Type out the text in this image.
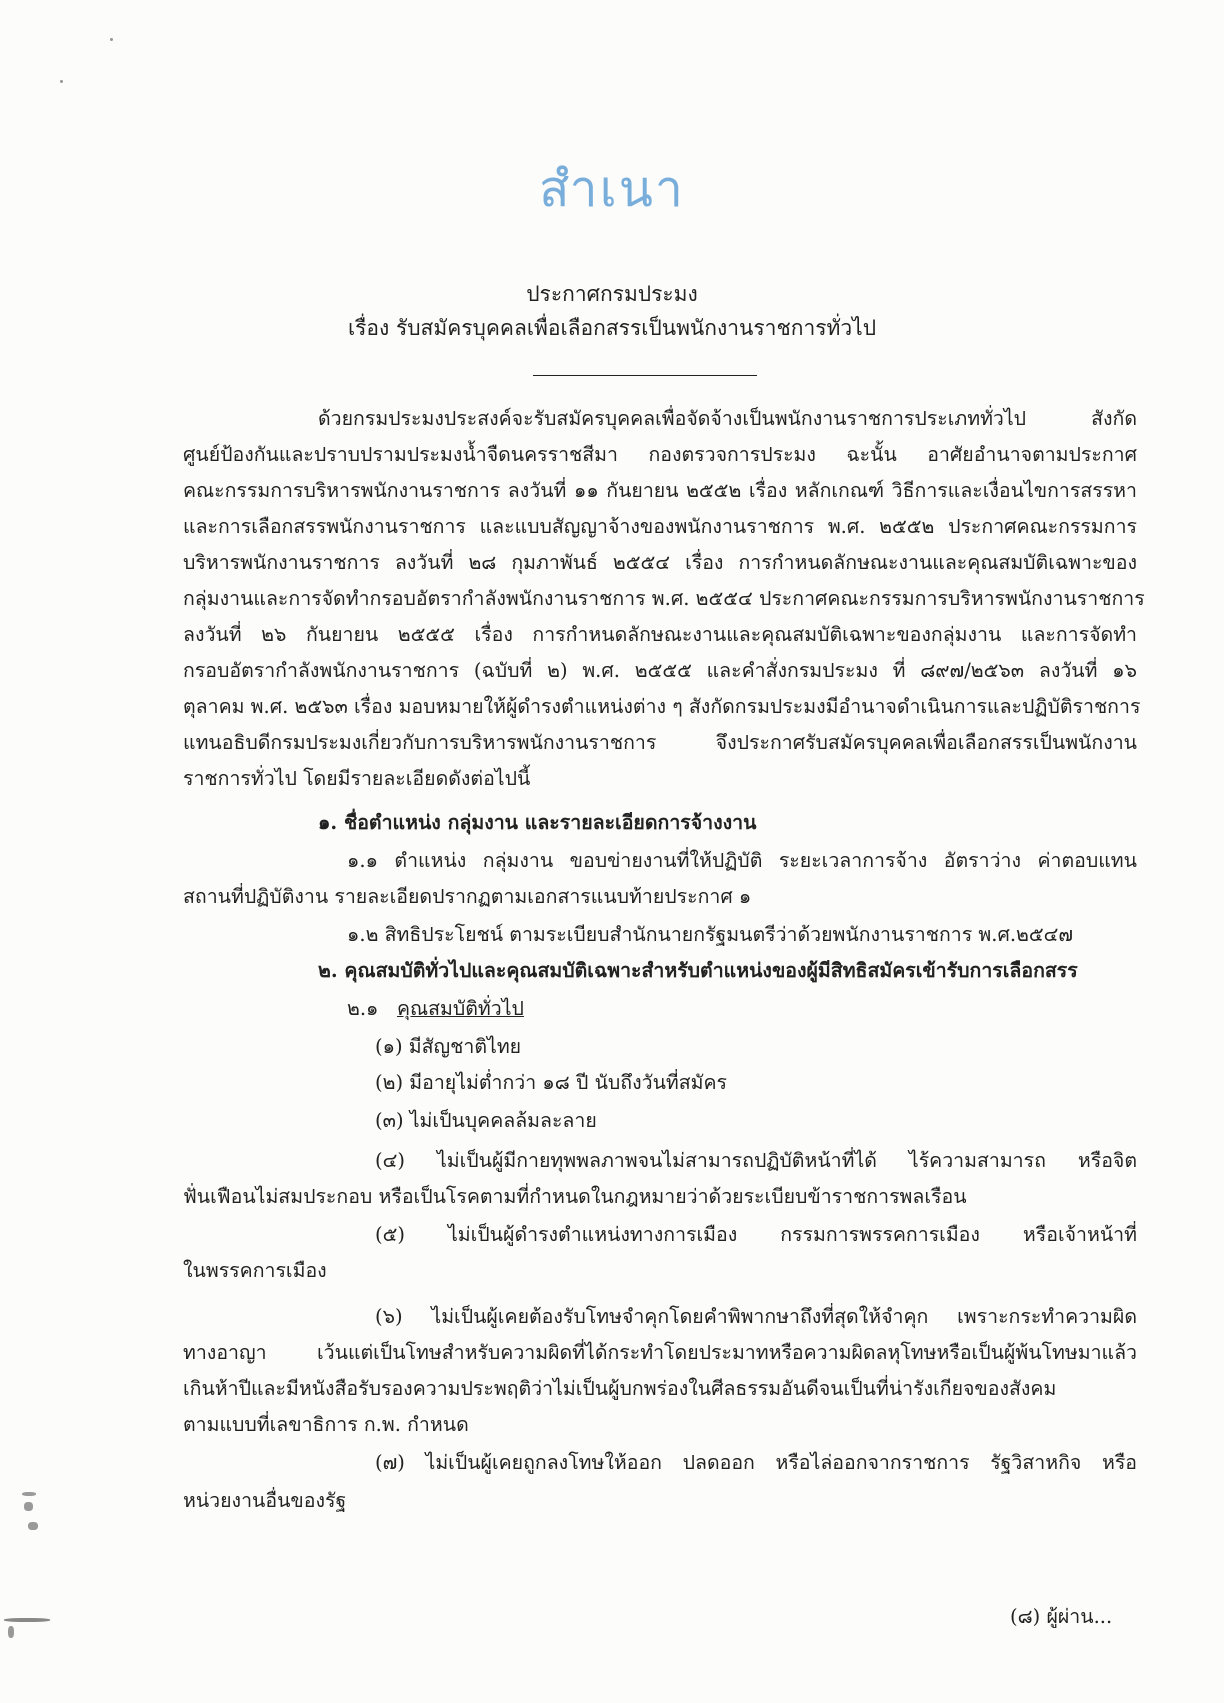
สำเนา
ประกาศกรมประมง
เรื่อง รับสมัครบุคคลเพื่อเลือกสรรเป็นพนักงานราชการทั่วไป
ด้วยกรมประมงประสงค์จะรับสมัครบุคคลเพื่อจัดจ้างเป็นพนักงานราชการประเภททั่วไป สังกัด
ศูนย์ป้องกันและปราบปรามประมงน้ำจืดนครราชสีมา กองตรวจการประมง ฉะนั้น อาศัยอำนาจตามประกาศ
คณะกรรมการบริหารพนักงานราชการ ลงวันที่ ๑๑ กันยายน ๒๕๕๒ เรื่อง หลักเกณฑ์ วิธีการและเงื่อนไขการสรรหา
และการเลือกสรรพนักงานราชการ และแบบสัญญาจ้างของพนักงานราชการ พ.ศ. ๒๕๕๒ ประกาศคณะกรรมการ
บริหารพนักงานราชการ ลงวันที่ ๒๘ กุมภาพันธ์ ๒๕๕๔ เรื่อง การกำหนดลักษณะงานและคุณสมบัติเฉพาะของ
กลุ่มงานและการจัดทำกรอบอัตรากำลังพนักงานราชการ พ.ศ. ๒๕๕๔ ประกาศคณะกรรมการบริหารพนักงานราชการ
ลงวันที่ ๒๖ กันยายน ๒๕๕๕ เรื่อง การกำหนดลักษณะงานและคุณสมบัติเฉพาะของกลุ่มงาน และการจัดทำ
กรอบอัตรากำลังพนักงานราชการ (ฉบับที่ ๒) พ.ศ. ๒๕๕๕ และคำสั่งกรมประมง ที่ ๘๙๗/๒๕๖๓ ลงวันที่ ๑๖
ตุลาคม พ.ศ. ๒๕๖๓ เรื่อง มอบหมายให้ผู้ดำรงตำแหน่งต่าง ๆ สังกัดกรมประมงมีอำนาจดำเนินการและปฏิบัติราชการ
แทนอธิบดีกรมประมงเกี่ยวกับการบริหารพนักงานราชการ จึงประกาศรับสมัครบุคคลเพื่อเลือกสรรเป็นพนักงาน
ราชการทั่วไป โดยมีรายละเอียดดังต่อไปนี้
๑. ชื่อตำแหน่ง กลุ่มงาน และรายละเอียดการจ้างงาน
๑.๑ ตำแหน่ง กลุ่มงาน ขอบข่ายงานที่ให้ปฏิบัติ ระยะเวลาการจ้าง อัตราว่าง ค่าตอบแทน
สถานที่ปฏิบัติงาน รายละเอียดปรากฏตามเอกสารแนบท้ายประกาศ ๑
๑.๒ สิทธิประโยชน์ ตามระเบียบสำนักนายกรัฐมนตรีว่าด้วยพนักงานราชการ พ.ศ.๒๕๔๗
๒. คุณสมบัติทั่วไปและคุณสมบัติเฉพาะสำหรับตำแหน่งของผู้มีสิทธิสมัครเข้ารับการเลือกสรร
๒.๑ คุณสมบัติทั่วไป
(๑) มีสัญชาติไทย
(๒) มีอายุไม่ต่ำกว่า ๑๘ ปี นับถึงวันที่สมัคร
(๓) ไม่เป็นบุคคลล้มละลาย
(๔) ไม่เป็นผู้มีกายทุพพลภาพจนไม่สามารถปฏิบัติหน้าที่ได้ ไร้ความสามารถ หรือจิต
ฟั่นเฟือนไม่สมประกอบ หรือเป็นโรคตามที่กำหนดในกฎหมายว่าด้วยระเบียบข้าราชการพลเรือน
(๕) ไม่เป็นผู้ดำรงตำแหน่งทางการเมือง กรรมการพรรคการเมือง หรือเจ้าหน้าที่
ในพรรคการเมือง
(๖) ไม่เป็นผู้เคยต้องรับโทษจำคุกโดยคำพิพากษาถึงที่สุดให้จำคุก เพราะกระทำความผิด
ทางอาญา เว้นแต่เป็นโทษสำหรับความผิดที่ได้กระทำโดยประมาทหรือความผิดลหุโทษหรือเป็นผู้พ้นโทษมาแล้ว
เกินห้าปีและมีหนังสือรับรองความประพฤติว่าไม่เป็นผู้บกพร่องในศีลธรรมอันดีจนเป็นที่น่ารังเกียจของสังคม
ตามแบบที่เลขาธิการ ก.พ. กำหนด
(๗) ไม่เป็นผู้เคยถูกลงโทษให้ออก ปลดออก หรือไล่ออกจากราชการ รัฐวิสาหกิจ หรือ
หน่วยงานอื่นของรัฐ
(๘) ผู้ผ่าน...
